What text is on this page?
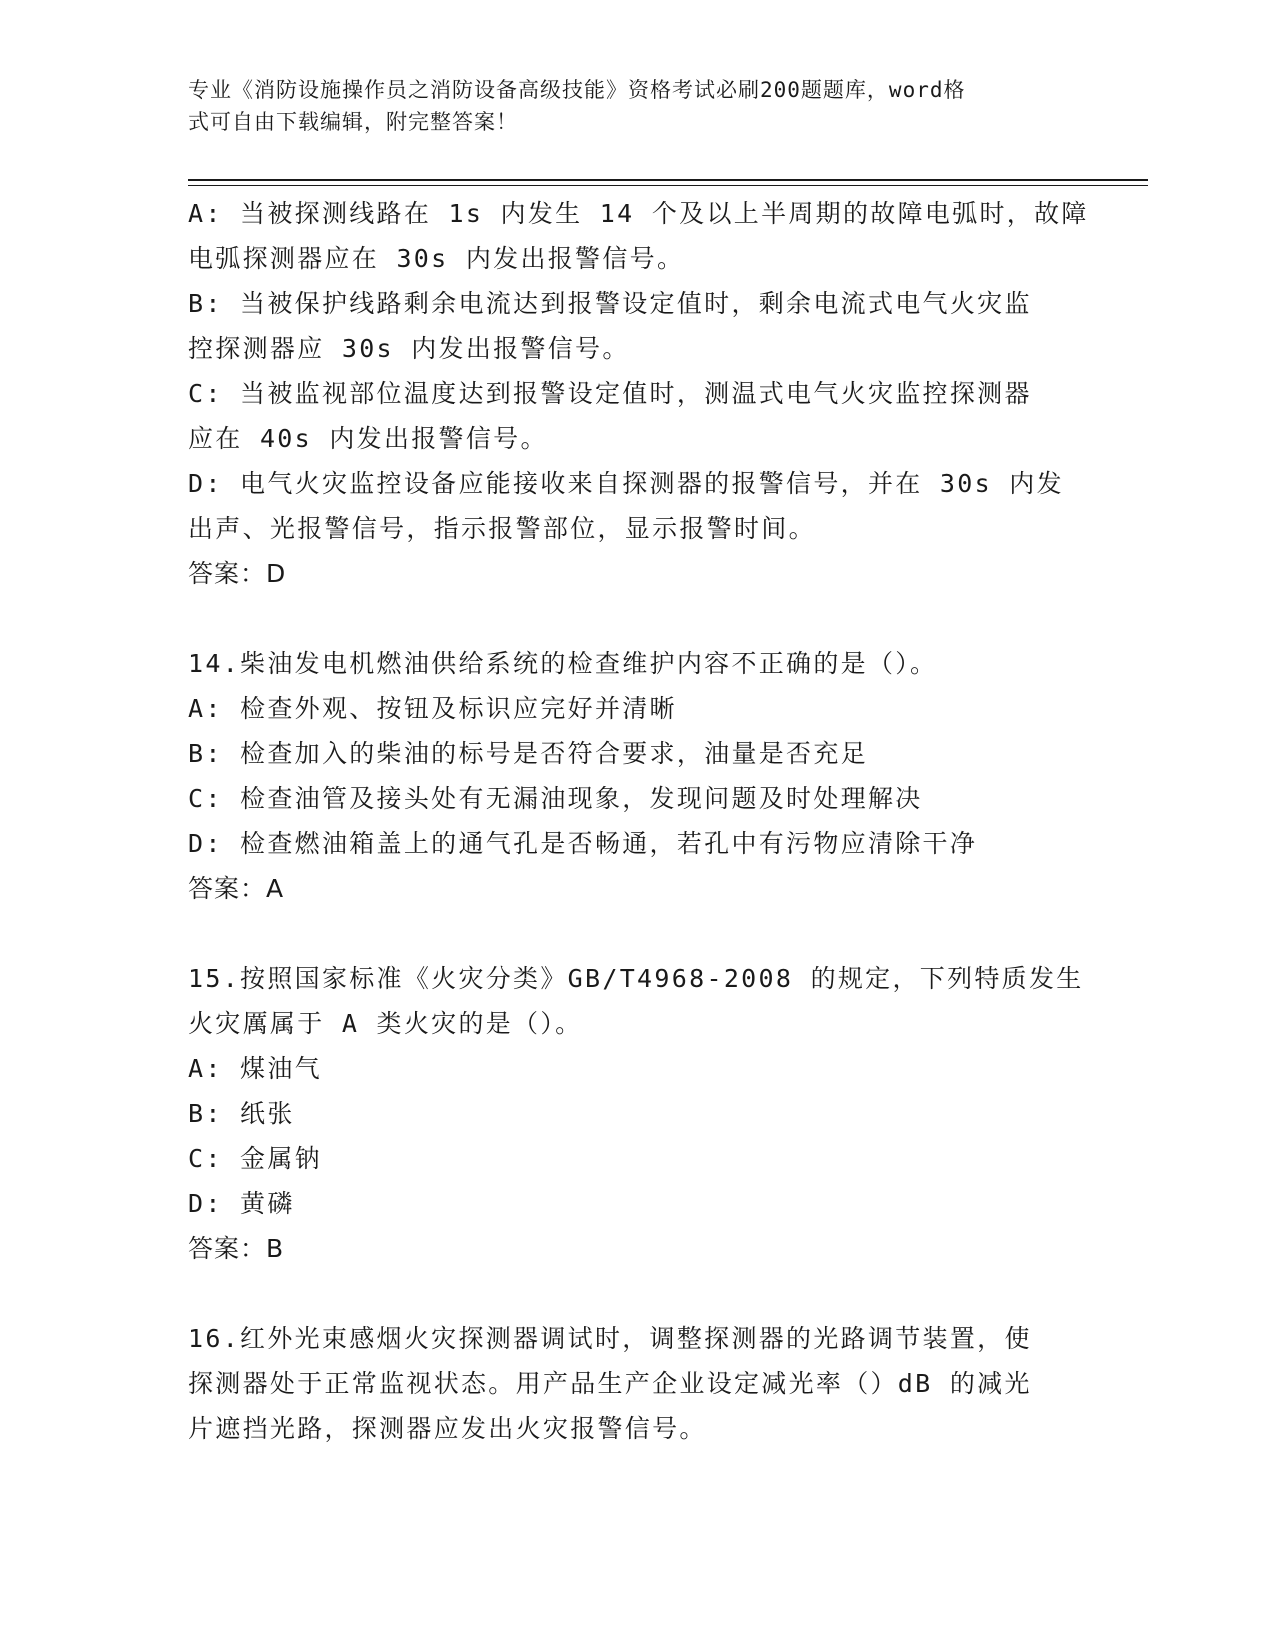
专业《消防设施操作员之消防设备高级技能》资格考试必刷200题题库，word格
式可自由下载编辑，附完整答案！
A: 当被探测线路在 1s 内发生 14 个及以上半周期的故障电弧时，故障
电弧探测器应在 30s 内发出报警信号。
B: 当被保护线路剩余电流达到报警设定值时，剩余电流式电气火灾监
控探测器应 30s 内发出报警信号。
C: 当被监视部位温度达到报警设定值时，测温式电气火灾监控探测器
应在 40s 内发出报警信号。
D: 电气火灾监控设备应能接收来自探测器的报警信号，并在 30s 内发
出声、光报警信号，指示报警部位，显示报警时间。
答案：D
14.柴油发电机燃油供给系统的检查维护内容不正确的是（）。
A: 检查外观、按钮及标识应完好并清晰
B: 检查加入的柴油的标号是否符合要求，油量是否充足
C: 检查油管及接头处有无漏油现象，发现问题及时处理解决
D: 检查燃油箱盖上的通气孔是否畅通，若孔中有污物应清除干净
答案：A
15.按照国家标准《火灾分类》GB/T4968-2008 的规定，下列特质发生
火灾厲属于 A 类火灾的是（）。
A: 煤油气
B: 纸张
C: 金属钠
D: 黄磷
答案：B
16.红外光束感烟火灾探测器调试时，调整探测器的光路调节装置，使
探测器处于正常监视状态。用产品生产企业设定减光率（）dB 的减光
片遮挡光路，探测器应发出火灾报警信号。
